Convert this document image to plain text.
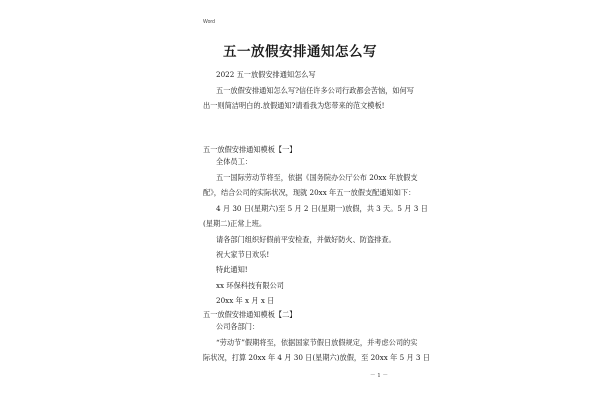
Word
五一放假安排通知怎么写
2022 五一放假安排通知怎么写
五一放假安排通知怎么写?信任许多公司行政都会苦恼，如何写
出一则简洁明白的.放假通知?请看我为您带来的范文模板!
五一放假安排通知模板【一】
全体员工：
五一国际劳动节将至，依据《国务院办公厅公布 20xx 年放假支
配》，结合公司的实际状况，现就 20xx 年五一放假支配通知如下：
4 月 30 日(星期六)至 5 月 2 日(星期一)放假，共 3 天。5 月 3 日
(星期二)正常上班。
请各部门组织好假前平安检查，并做好防火、防盗排查。
祝大家节日欢乐!
特此通知!
xx 环保科技有限公司
20xx 年 x 月 x 日
五一放假安排通知模板【二】
公司各部门：
“劳动节”假期将至，依据国家节假日放假规定，并考虑公司的实
际状况，打算 20xx 年 4 月 30 日(星期六)放假，至 20xx 年 5 月 3 日
－ 1 －
